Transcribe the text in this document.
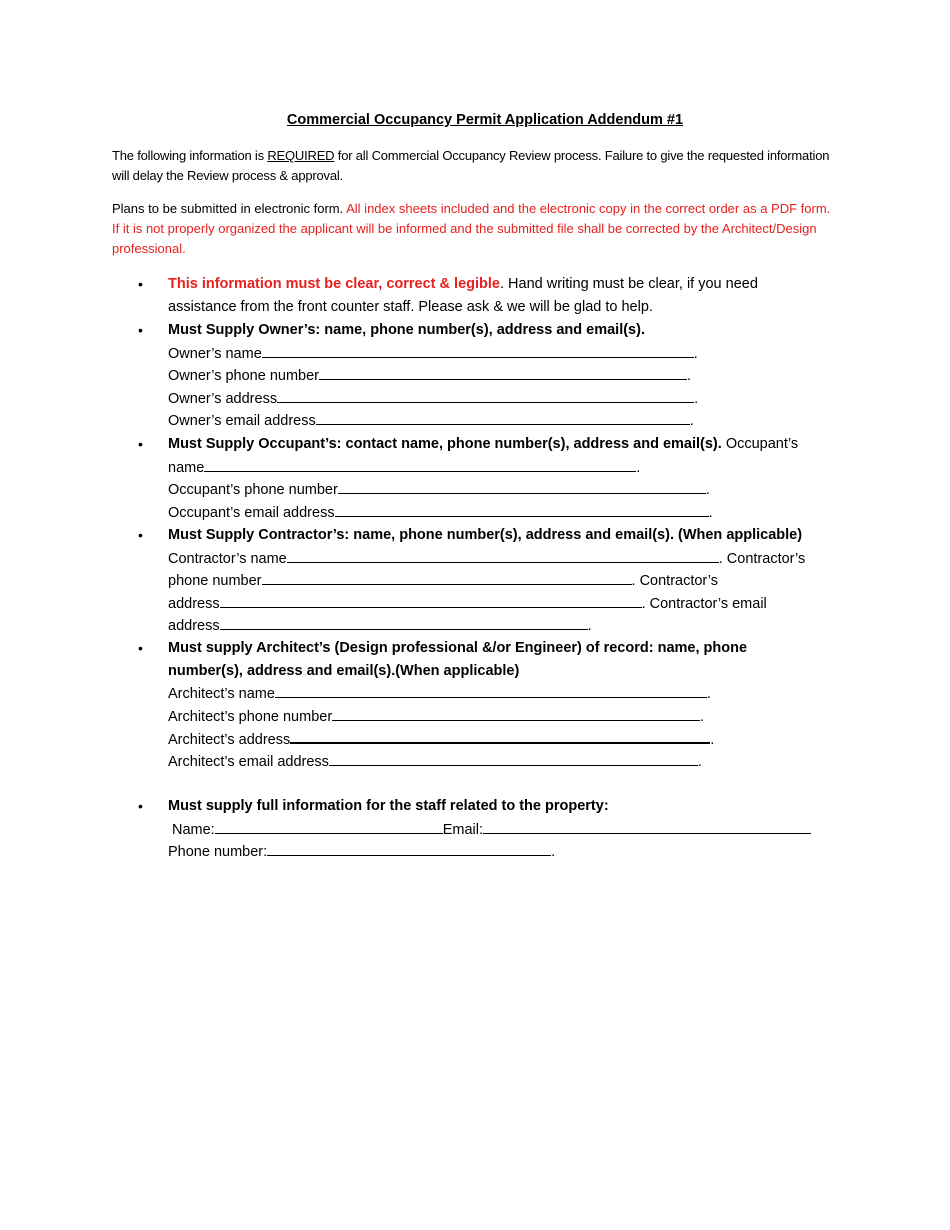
Commercial Occupancy Permit Application Addendum #1
The following information is REQUIRED for all Commercial Occupancy Review process. Failure to give the requested information will delay the Review process & approval.
Plans to be submitted in electronic form. All index sheets included and the electronic copy in the correct order as a PDF form. If it is not properly organized the applicant will be informed and the submitted file shall be corrected by the Architect/Design professional.
•	This information must be clear, correct & legible. Hand writing must be clear, if you need
assistance from the front counter staff. Please ask & we will be glad to help.
•	Must Supply Owner’s: name, phone number(s), address and email(s).
Owner’s name	.
Owner’s phone number	.
Owner’s address	.
Owner’s email address	.
•	Must Supply Occupant’s: contact name, phone number(s), address and email(s). Occupant’s
name	.
Occupant’s phone number	.
Occupant’s email address	.
•	Must Supply Contractor’s: name, phone number(s), address and email(s). (When applicable)
Contractor’s name	. Contractor’s
phone number	. Contractor’s
address	. Contractor’s email
address	.
•	Must supply Architect’s (Design professional &/or Engineer) of record: name, phone
number(s), address and email(s).(When applicable)
Architect’s name	.
Architect’s phone number	.
Architect’s address	.
Architect’s email address	.
•	Must supply full information for the staff related to the property:
Name:	Email:
Phone number:	.
